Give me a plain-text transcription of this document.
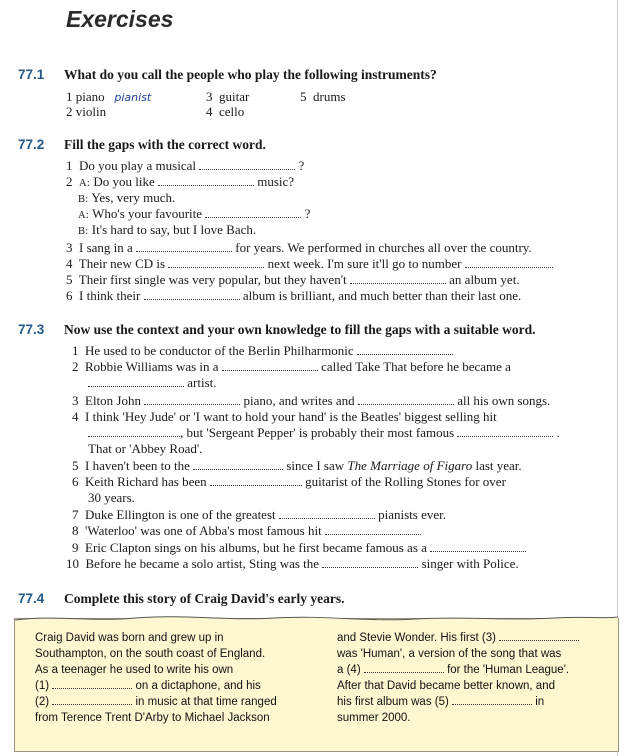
Exercises
77.1 What do you call the people who play the following instruments?
1 piano pianist	3 guitar	5 drums
2 violin	4 cello
77.2 Fill the gaps with the correct word.
1 Do you play a musical	?
2 A: Do you like	music?
B: Yes, very much.
A: Who's your favourite	?
B: It's hard to say, but I love Bach.
3 I sang in a	for years. We performed in churches all over the country.
4 Their new CD is	next week. I'm sure it'll go to number
5 Their first single was very popular, but they haven't	an album yet.
6 I think their	album is brilliant, and much better than their last one.
77.3 Now use the context and your own knowledge to fill the gaps with a suitable word.
1 He used to be conductor of the Berlin Philharmonic
2 Robbie Williams was in a	called Take That before he became a
artist.
3 Elton John	piano, and writes and	all his own songs.
4 I think 'Hey Jude' or 'I want to hold your hand' is the Beatles' biggest selling hit
, but 'Sergeant Pepper' is probably their most famous	.
That or 'Abbey Road'.
5 I haven't been to the	since I saw The Marriage of Figaro last year.
6 Keith Richard has been	guitarist of the Rolling Stones for over
30 years.
7 Duke Ellington is one of the greatest	pianists ever.
8 'Waterloo' was one of Abba's most famous hit
9 Eric Clapton sings on his albums, but he first became famous as a
10 Before he became a solo artist, Sting was the	singer with Police.
77.4 Complete this story of Craig David's early years.
Craig David was born and grew up in
Southampton, on the south coast of England.
As a teenager he used to write his own
(1)	on a dictaphone, and his
(2)	in music at that time ranged
from Terence Trent D'Arby to Michael Jackson
and Stevie Wonder. His first (3)
was 'Human', a version of the song that was
a (4)	for the 'Human League'.
After that David became better known, and
his first album was (5)	in
summer 2000.
